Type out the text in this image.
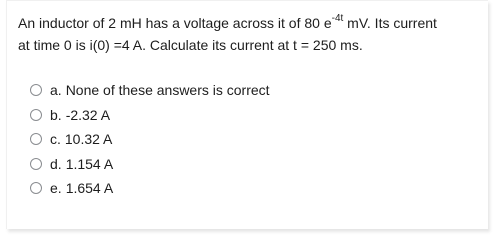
An inductor of 2 mH has a voltage across it of 80 $e^{-4t}$ mV. Its current
at time 0 is i(0) =4 A. Calculate its current at t = 250 ms.
a. None of these answers is correct
b. -2.32 A
c. 10.32 A
d. 1.154 A
e. 1.654 A
